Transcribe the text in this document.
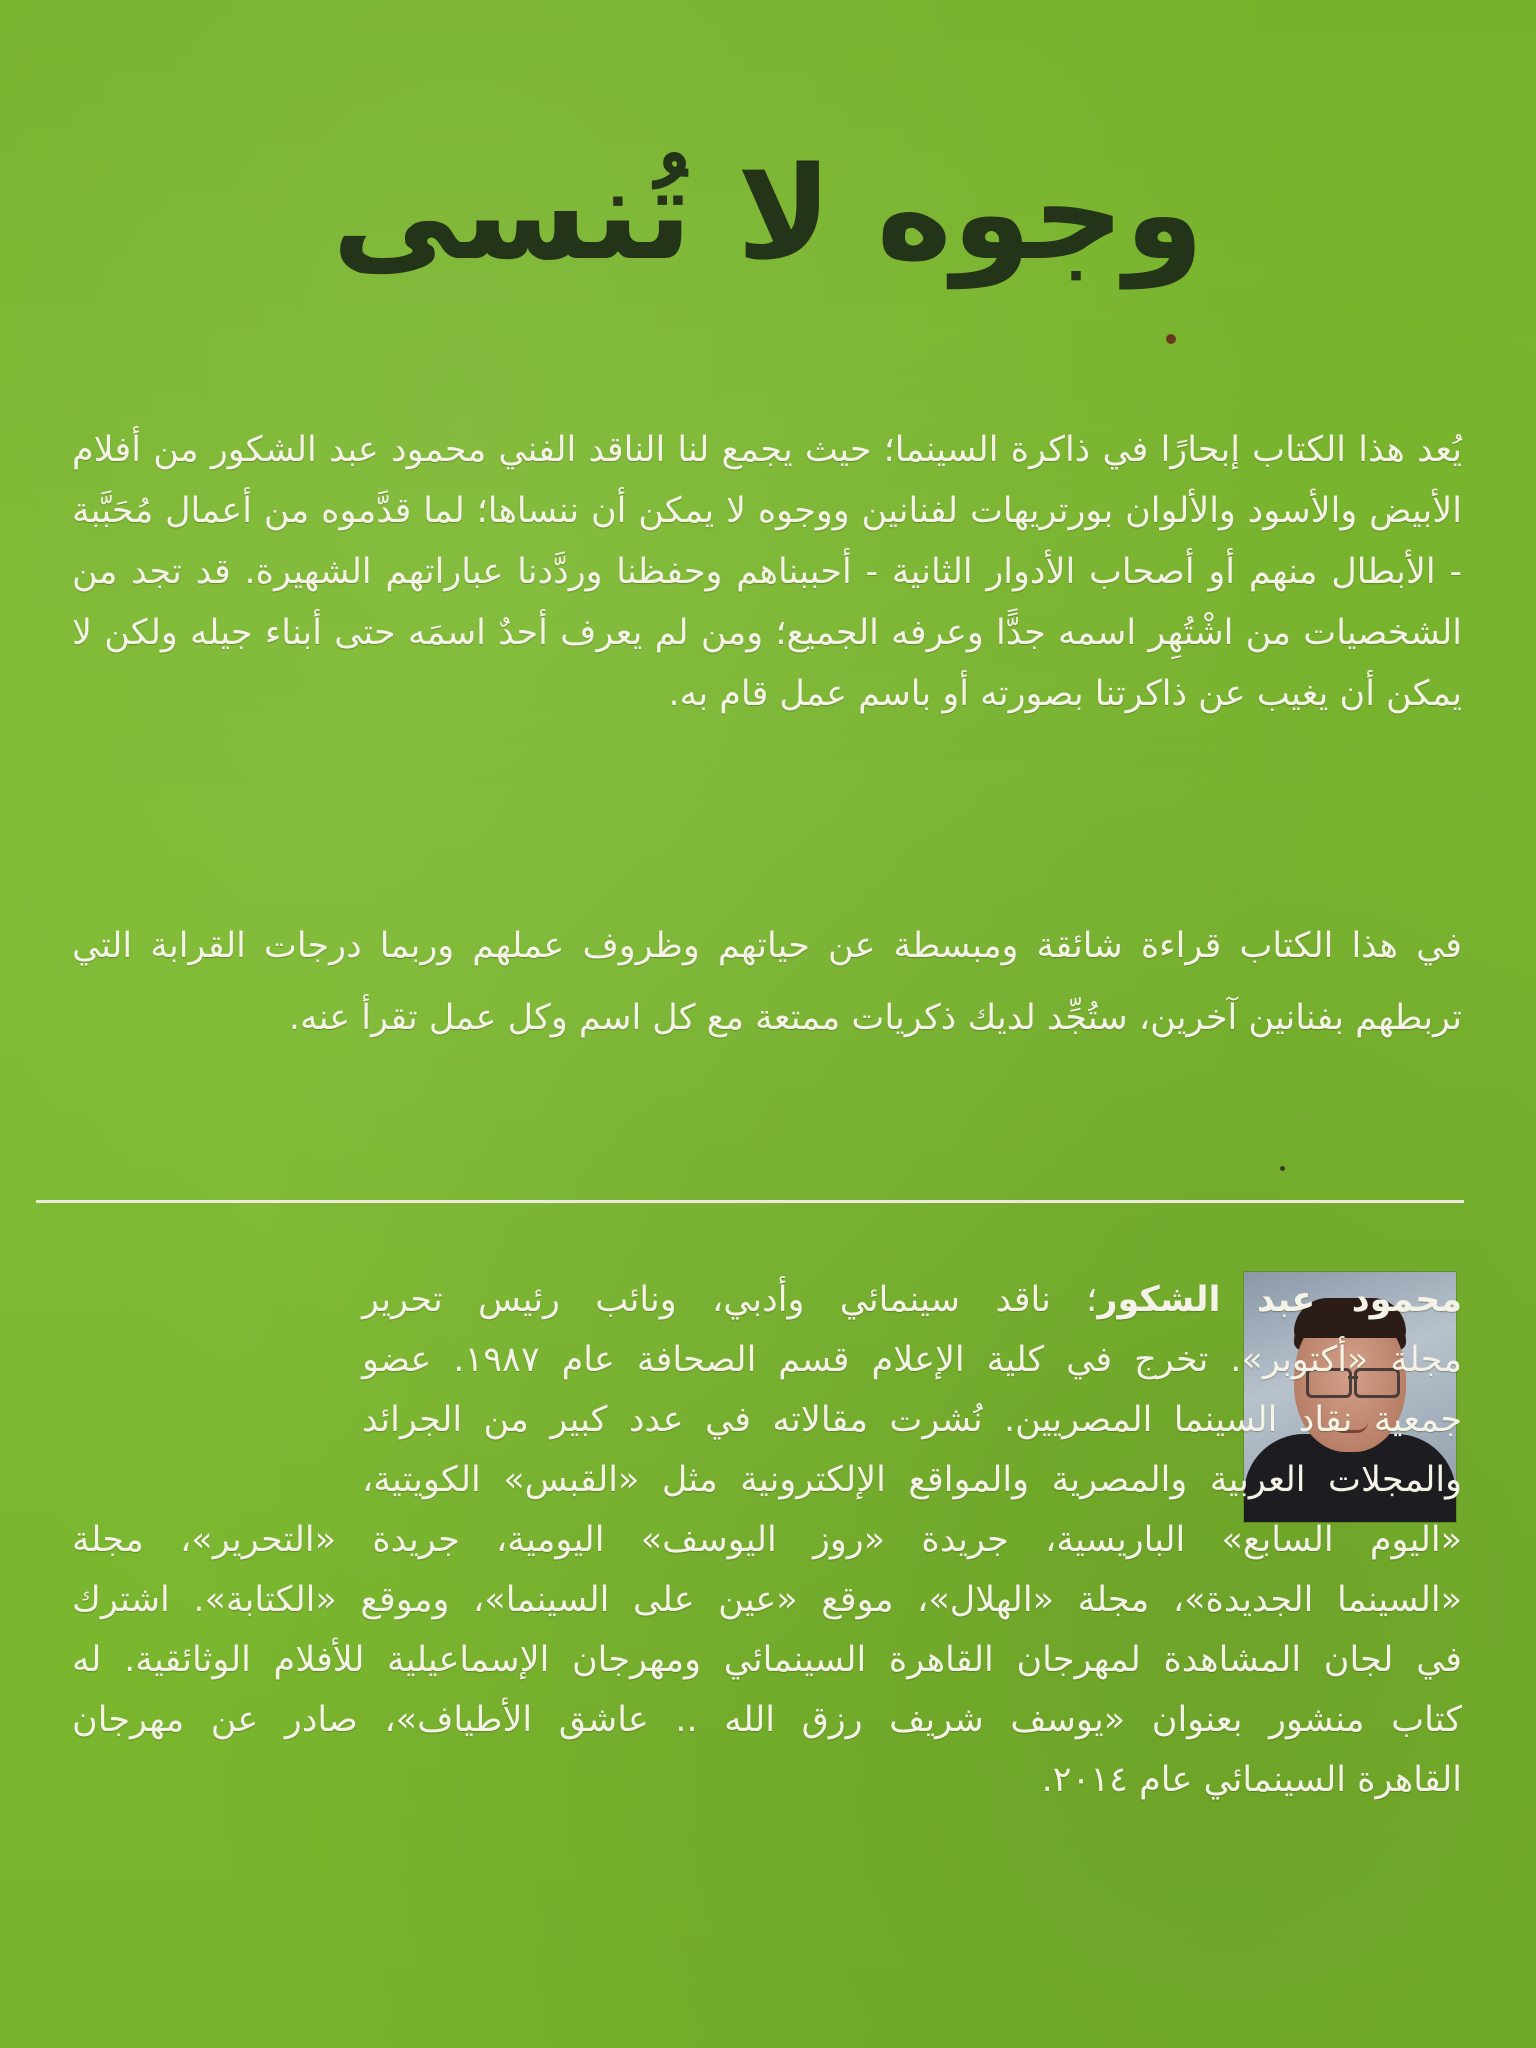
وجوه لا تُنسى

يُعد هذا الكتاب إبحارًا في ذاكرة السينما؛ حيث يجمع لنا الناقد الفني محمود عبد الشكور من أفلام الأبيض والأسود والألوان بورتريهات لفنانين ووجوه لا يمكن أن ننساها؛ لما قدَّموه من أعمال مُحَبَّبة - الأبطال منهم أو أصحاب الأدوار الثانية - أحببناهم وحفظنا وردَّدنا عباراتهم الشهيرة. قد تجد من الشخصيات من اشْتُهِر اسمه جدًّا وعرفه الجميع؛ ومن لم يعرف أحدٌ اسمَه حتى أبناء جيله ولكن لا يمكن أن يغيب عن ذاكرتنا بصورته أو باسم عمل قام به.

في هذا الكتاب قراءة شائقة ومبسطة عن حياتهم وظروف عملهم وربما درجات القرابة التي تربطهم بفنانين آخرين، ستُجِّد لديك ذكريات ممتعة مع كل اسم وكل عمل تقرأ عنه.

محمود عبد الشكور؛ ناقد سينمائي وأدبي، ونائب رئيس تحرير
مجلة «أكتوبر». تخرج في كلية الإعلام قسم الصحافة عام ١٩٨٧. عضو
جمعية نقاد السينما المصريين. نُشرت مقالاته في عدد كبير من الجرائد
والمجلات العربية والمصرية والمواقع الإلكترونية مثل «القبس» الكويتية،
«اليوم السابع» الباريسية، جريدة «روز اليوسف» اليومية، جريدة «التحرير»، مجلة
«السينما الجديدة»، مجلة «الهلال»، موقع «عين على السينما»، وموقع «الكتابة». اشترك
في لجان المشاهدة لمهرجان القاهرة السينمائي ومهرجان الإسماعيلية للأفلام الوثائقية. له
كتاب منشور بعنوان «يوسف شريف رزق الله .. عاشق الأطياف»، صادر عن مهرجان
القاهرة السينمائي عام ٢٠١٤.
